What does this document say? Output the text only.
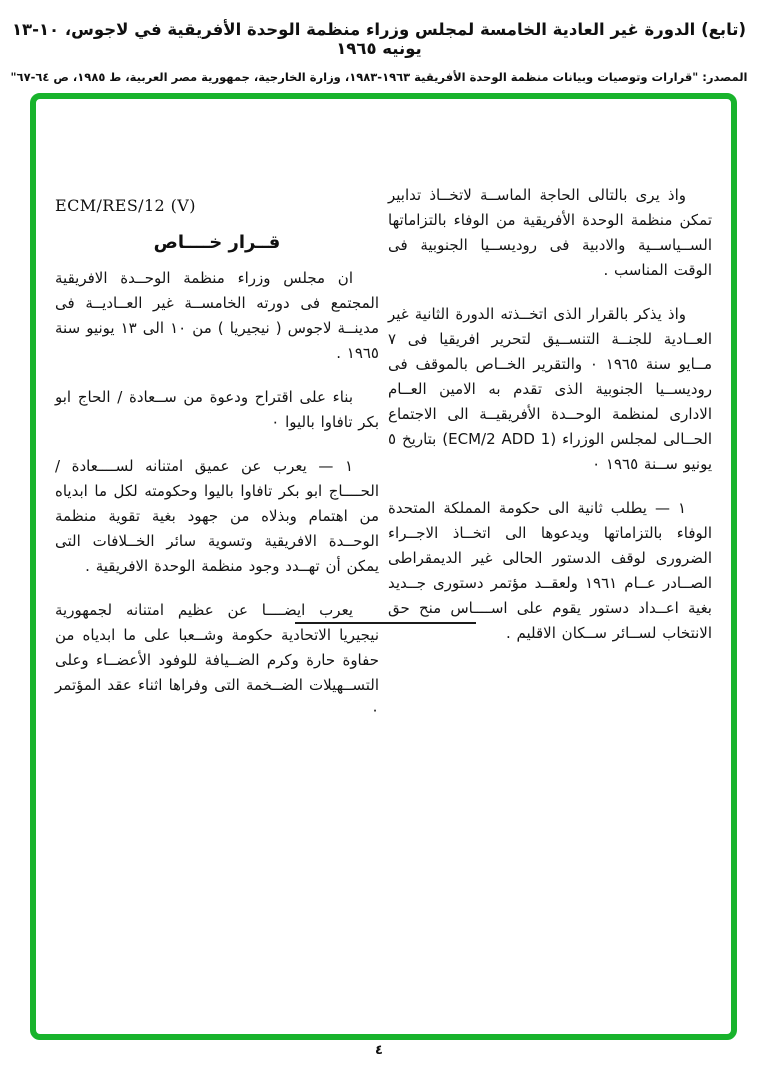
(تابع) الدورة غير العادية الخامسة لمجلس وزراء منظمة الوحدة الأفريقية في لاجوس، ١٠-١٣ يونيه ١٩٦٥
المصدر: "قرارات وتوصيات وبيانات منظمة الوحدة الأفريقية ١٩٦٣-١٩٨٣، وزارة الخارجية، جمهورية مصر العربية، ط ١٩٨٥، ص ٦٤-٦٧"

واذ يرى بالتالى الحاجة الماســة لاتخــاذ تدابير تمكن منظمة الوحدة الأفريقية من الوفاء بالتزاماتها الســياســية والادبية فى روديســيا الجنوبية فى الوقت المناسب .

واذ يذكر بالقرار الذى اتخــذته الدورة الثانية غير العــادية للجنــة التنســيق لتحرير افريقيا فى ٧ مــايو سنة ١٩٦٥ ٠ والتقرير الخــاص بالموقف فى روديســيا الجنوبية الذى تقدم به الامين العــام الادارى لمنظمة الوحــدة الأفريقيــة الى الاجتماع الحــالى لمجلس الوزراء (ECM/2 ADD 1) بتاريخ ٥ يونيو ســنة ١٩٦٥ ٠

١ — يطلب ثانية الى حكومة المملكة المتحدة الوفاء بالتزاماتها ويدعوها الى اتخــاذ الاجــراء الضرورى لوقف الدستور الحالى غير الديمقراطى الصــادر عــام ١٩٦١ ولعقــد مؤتمر دستورى جــديد بغية اعــداد دستور يقوم على اســــاس منح حق الانتخاب لســائر ســكان الاقليم .

ECM/RES/12 (V)
قــرار خــــاص

ان مجلس وزراء منظمة الوحــدة الافريقية المجتمع فى دورته الخامســة غير العــاديــة فى مدينــة لاجوس ( نيجيريا ) من ١٠ الى ١٣ يونيو سنة ١٩٦٥ .

بناء على اقتراح ودعوة من ســعادة / الحاج ابو بكر تافاوا باليوا ٠

١ — يعرب عن عميق امتنانه لســــعادة / الحــــاج ابو بكر تافاوا باليوا وحكومته لكل ما ابدياه من اهتمام وبذلاه من جهود بغية تقوية منظمة الوحــدة الافريقية وتسوية سائر الخــلافات التى يمكن أن تهــدد وجود منظمة الوحدة الافريقية .

يعرب ايضــــا عن عظيم امتنانه لجمهورية نيجيريا الاتحادية حكومة وشــعبا على ما ابدياه من حفاوة حارة وكرم الضــيافة للوفود الأعضــاء وعلى التســهيلات الضــخمة التى وفراها اثناء عقد المؤتمر ٠

٤
